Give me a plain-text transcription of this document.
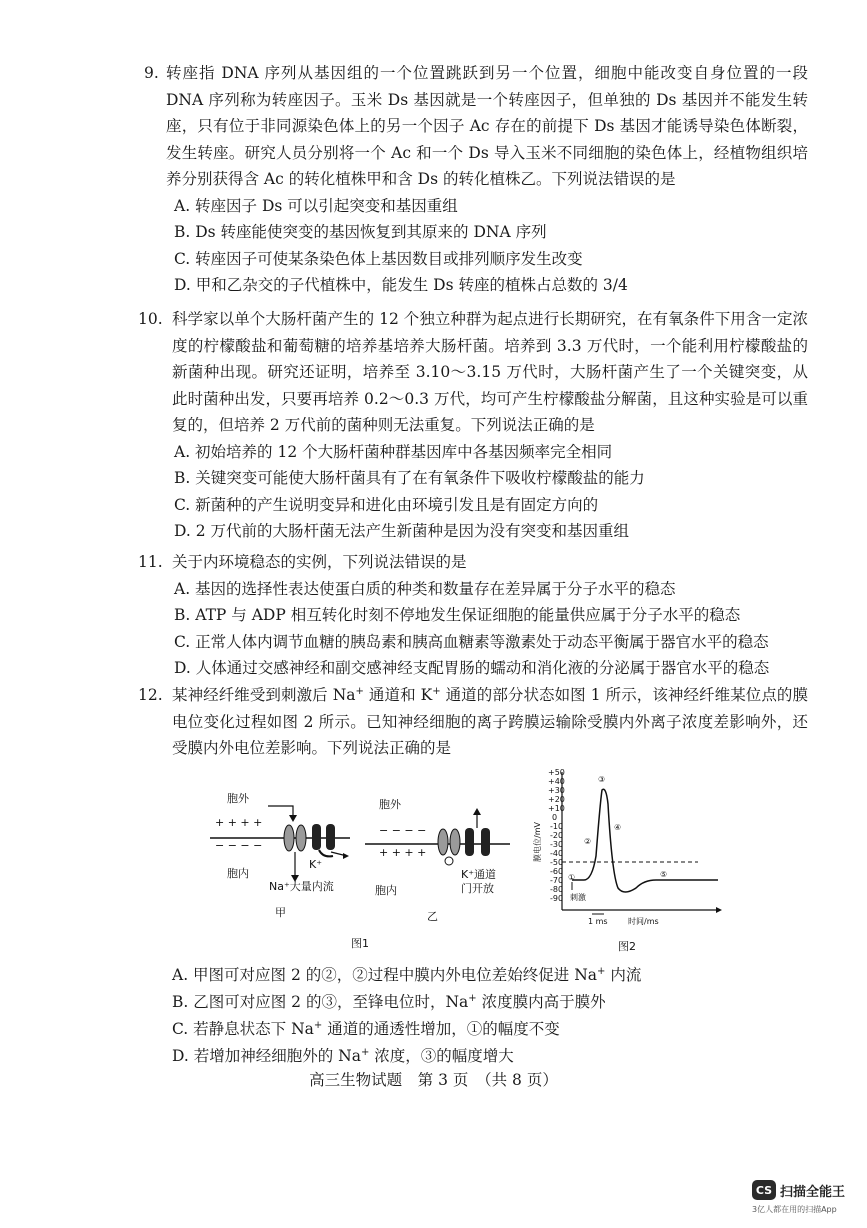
9. 转座指 DNA 序列从基因组的一个位置跳跃到另一个位置，细胞中能改变自身位置的一段 DNA 序列称为转座因子。玉米 Ds 基因就是一个转座因子，但单独的 Ds 基因并不能发生转座，只有位于非同源染色体上的另一个因子 Ac 存在的前提下 Ds 基因才能诱导染色体断裂，发生转座。研究人员分别将一个 Ac 和一个 Ds 导入玉米不同细胞的染色体上，经植物组织培养分别获得含 Ac 的转化植株甲和含 Ds 的转化植株乙。下列说法错误的是
A. 转座因子 Ds 可以引起突变和基因重组
B. Ds 转座能使突变的基因恢复到其原来的 DNA 序列
C. 转座因子可使某条染色体上基因数目或排列顺序发生改变
D. 甲和乙杂交的子代植株中，能发生 Ds 转座的植株占总数的 3/4
10. 科学家以单个大肠杆菌产生的 12 个独立种群为起点进行长期研究，在有氧条件下用含一定浓度的柠檬酸盐和葡萄糖的培养基培养大肠杆菌。培养到 3.3 万代时，一个能利用柠檬酸盐的新菌种出现。研究还证明，培养至 3.10～3.15 万代时，大肠杆菌产生了一个关键突变，从此时菌种出发，只要再培养 0.2～0.3 万代，均可产生柠檬酸盐分解菌，且这种实验是可以重复的，但培养 2 万代前的菌种则无法重复。下列说法正确的是
A. 初始培养的 12 个大肠杆菌种群基因库中各基因频率完全相同
B. 关键突变可能使大肠杆菌具有了在有氧条件下吸收柠檬酸盐的能力
C. 新菌种的产生说明变异和进化由环境引发且是有固定方向的
D. 2 万代前的大肠杆菌无法产生新菌种是因为没有突变和基因重组
11. 关于内环境稳态的实例，下列说法错误的是
A. 基因的选择性表达使蛋白质的种类和数量存在差异属于分子水平的稳态
B. ATP 与 ADP 相互转化时刻不停地发生保证细胞的能量供应属于分子水平的稳态
C. 正常人体内调节血糖的胰岛素和胰高血糖素等激素处于动态平衡属于器官水平的稳态
D. 人体通过交感神经和副交感神经支配胃肠的蠕动和消化液的分泌属于器官水平的稳态
12. 某神经纤维受到刺激后 Na+ 通道和 K+ 通道的部分状态如图 1 所示，该神经纤维某位点的膜电位变化过程如图 2 所示。已知神经细胞的离子跨膜运输除受膜内外离子浓度差影响外，还受膜内外电位差影响。下列说法正确的是
胞外
+ + + +
− − − −
胞内
K⁺
Na⁺大量内流
甲
胞外
− − − −
+ + + +
胞内
K⁺通道
门开放
乙
图1
+50
+40
+30
+20
+10
0
-10
-20
-30
-40
-50
-60
-70
-80
-90
膜电位/mV
①
②
③
④
⑤
刺激
1 ms	时间/ms
图2
A. 甲图可对应图 2 的②，②过程中膜内外电位差始终促进 Na+ 内流
B. 乙图可对应图 2 的③，至锋电位时，Na+ 浓度膜内高于膜外
C. 若静息状态下 Na+ 通道的通透性增加，①的幅度不变
D. 若增加神经细胞外的 Na+ 浓度，③的幅度增大
高三生物试题　第 3 页　（共 8 页）
CS 扫描全能王
3亿人都在用的扫描App
